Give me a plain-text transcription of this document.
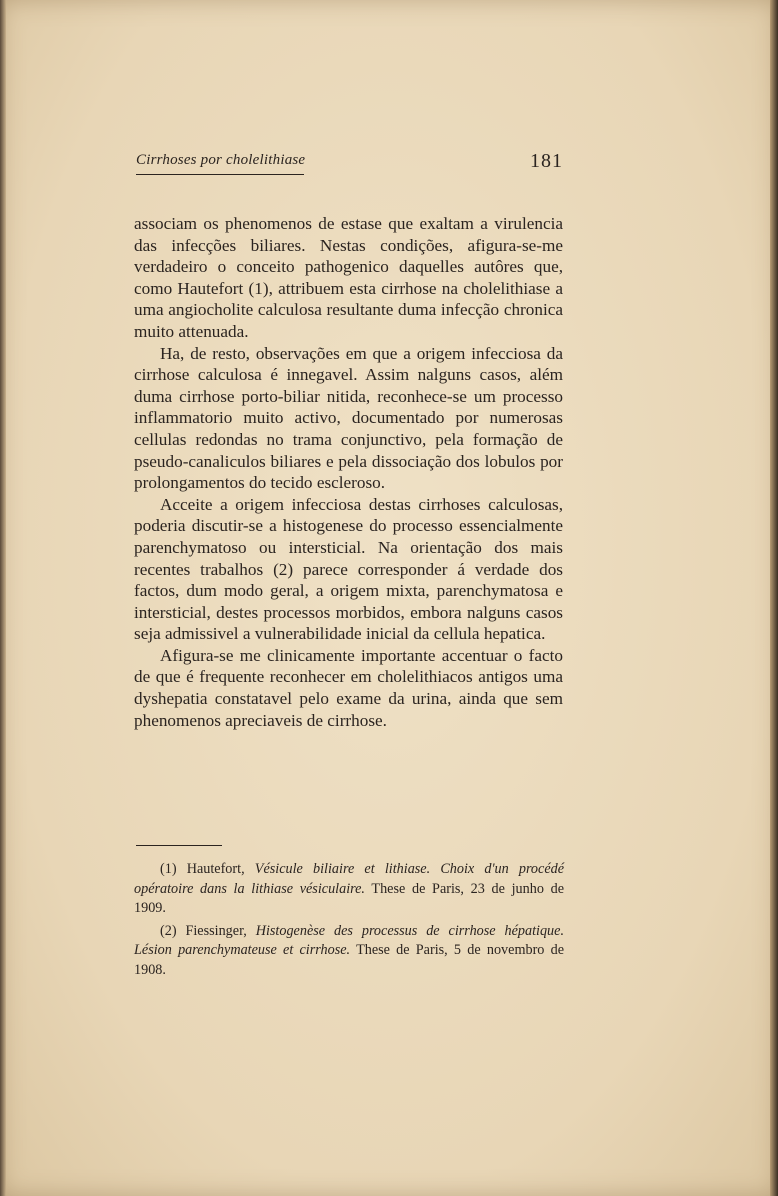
Cirrhoses por cholelithiase	181

associam os phenomenos de estase que exaltam a virulencia das infecções biliares. Nestas condições, afigura-se-me verdadeiro o conceito pathogenico daquelles autôres que, como Hautefort (1), attribuem esta cirrhose na cholelithiase a uma angiocholite calculosa resultante duma infecção chronica muito attenuada.

Ha, de resto, observações em que a origem infecciosa da cirrhose calculosa é innegavel. Assim nalguns casos, além duma cirrhose porto-biliar nitida, reconhece-se um processo inflammatorio muito activo, documentado por numerosas cellulas redondas no trama conjunctivo, pela formação de pseudo-canaliculos biliares e pela dissociação dos lobulos por prolongamentos do tecido escleroso.

Acceite a origem infecciosa destas cirrhoses calculosas, poderia discutir-se a histogenese do processo essencialmente parenchymatoso ou intersticial. Na orientação dos mais recentes trabalhos (2) parece corresponder á verdade dos factos, dum modo geral, a origem mixta, parenchymatosa e intersticial, destes processos morbidos, embora nalguns casos seja admissivel a vulnerabilidade inicial da cellula hepatica.

Afigura-se me clinicamente importante accentuar o facto de que é frequente reconhecer em cholelithiacos antigos uma dyshepatia constatavel pelo exame da urina, ainda que sem phenomenos apreciaveis de cirrhose.

(1) Hautefort, Vésicule biliaire et lithiase. Choix d'un procédé opératoire dans la lithiase vésiculaire. These de Paris, 23 de junho de 1909.

(2) Fiessinger, Histogenèse des processus de cirrhose hépatique. Lésion parenchymateuse et cirrhose. These de Paris, 5 de novembro de 1908.
